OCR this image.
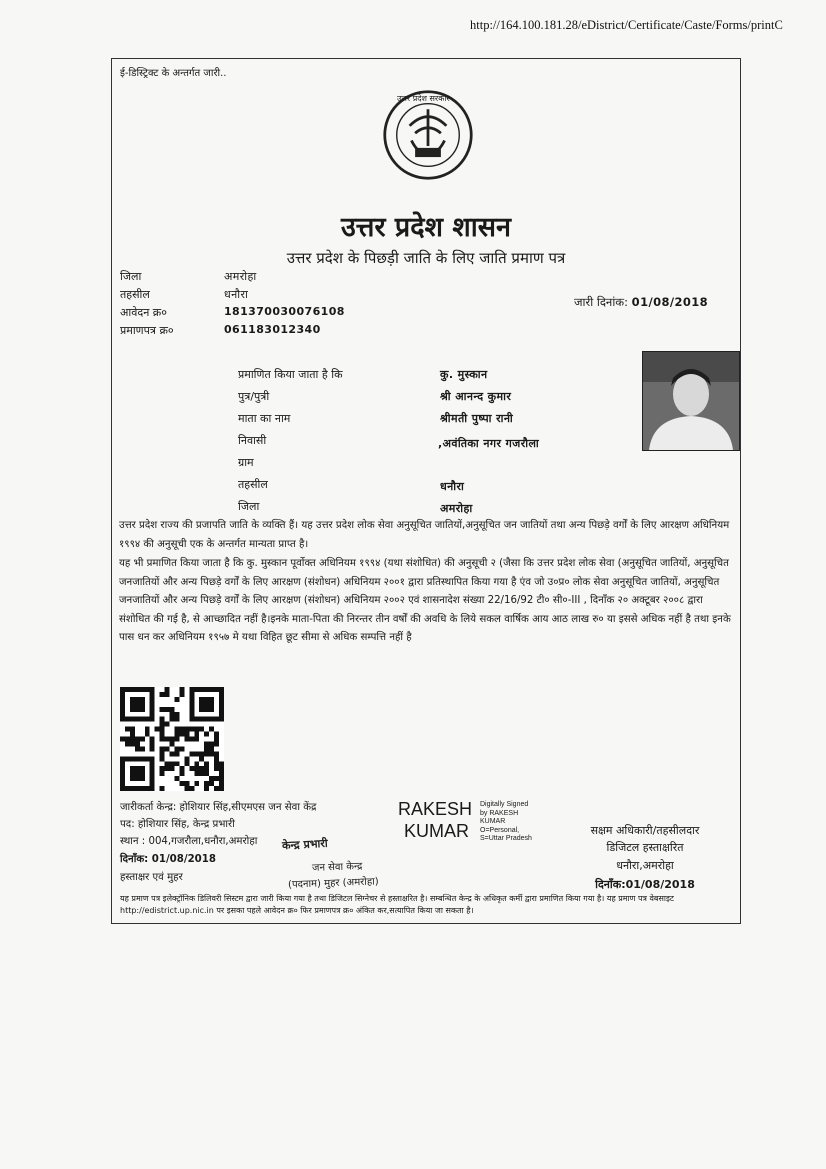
http://164.100.181.28/eDistrict/Certificate/Caste/Forms/printC
ई-डिस्ट्रिक्ट के अन्तर्गत जारी..
उत्तर प्रदेश सरकार
उत्तर प्रदेश शासन
उत्तर प्रदेश के पिछड़ी जाति के लिए जाति प्रमाण पत्र
जिला	अमरोहा
तहसील	धनौरा
आवेदन क्र०	181370030076108
प्रमाणपत्र क्र०	061183012340
जारी दिनांक: 01/08/2018
प्रमाणित किया जाता है कि	कु. मुस्कान
पुत्र/पुत्री	श्री आनन्द कुमार
माता का नाम	श्रीमती पुष्पा रानी
निवासी	,अवंतिका नगर गजरौला
ग्राम
तहसील	धनौरा
जिला	अमरोहा
उत्तर प्रदेश राज्य की प्रजापति जाति के व्यक्ति हैं। यह उत्तर प्रदेश लोक सेवा अनुसूचित जातियों,अनुसूचित जन जातियों तथा अन्य पिछड़े वर्गों के लिए आरक्षण अधिनियम १९९४ की अनुसूची एक के अन्तर्गत मान्यता प्राप्त है।
यह भी प्रमाणित किया जाता है कि कु. मुस्कान पूर्वोक्त अधिनियम १९९४ (यथा संशोधित) की अनुसूची २ (जैसा कि उत्तर प्रदेश लोक सेवा (अनुसूचित जातियों, अनुसूचित जनजातियों और अन्य पिछड़े वर्गों के लिए आरक्षण (संशोधन) अधिनियम २००१ द्वारा प्रतिस्थापित किया गया है एंव जो उ०प्र० लोक सेवा अनुसूचित जातियों, अनुसूचित जनजातियों और अन्य पिछड़े वर्गों के लिए आरक्षण (संशोधन) अधिनियम २००२ एवं शासनादेश संख्या 22/16/92 टी० सी०-III , दिनाँक २० अक्टूबर २००८ द्वारा संशोधित की गई है, से आच्छादित नहीं है।इनके माता-पिता की निरन्तर तीन वर्षों की अवधि के लिये सकल वार्षिक आय आठ लाख रु० या इससे अधिक नहीं है तथा इनके पास धन कर अधिनियम १९५७ मे यथा विहित छूट सीमा से अधिक सम्पत्ति नहीं है
जारीकर्ता केन्द्र: होशियार सिंह,सीएमएस जन सेवा केंद्र
पद: होशियार सिंह, केन्द्र प्रभारी
स्थान : 004,गजरौला,धनौरा,अमरोहा
दिनाँक: 01/08/2018
हस्ताक्षर एवं मुहर
RAKESH
KUMAR
Digitally Signed
by RAKESH
KUMAR
O=Personal,
S=Uttar Pradesh
केन्द्र प्रभारी
जन सेवा केन्द्र
(पदनाम) मुहर (अमरोहा)
सक्षम अधिकारी/तहसीलदार
डिजिटल हस्ताक्षरित
धनौरा,अमरोहा
दिनाँक:01/08/2018
यह प्रमाण पत्र इलेक्ट्रॉनिक डिलिवरी सिस्टम द्वारा जारी किया गया है तथा डिजिटल सिग्नेचर से हस्ताक्षरित है। सम्बन्धित केन्द्र के अधिकृत कर्मी द्वारा प्रमाणित किया गया है। यह प्रमाण पत्र वेबसाइट http://edistrict.up.nic.in पर इसका पहले आवेदन क्र० फिर प्रमाणपत्र क्र० अंकित कर,सत्यापित किया जा सकता है।
